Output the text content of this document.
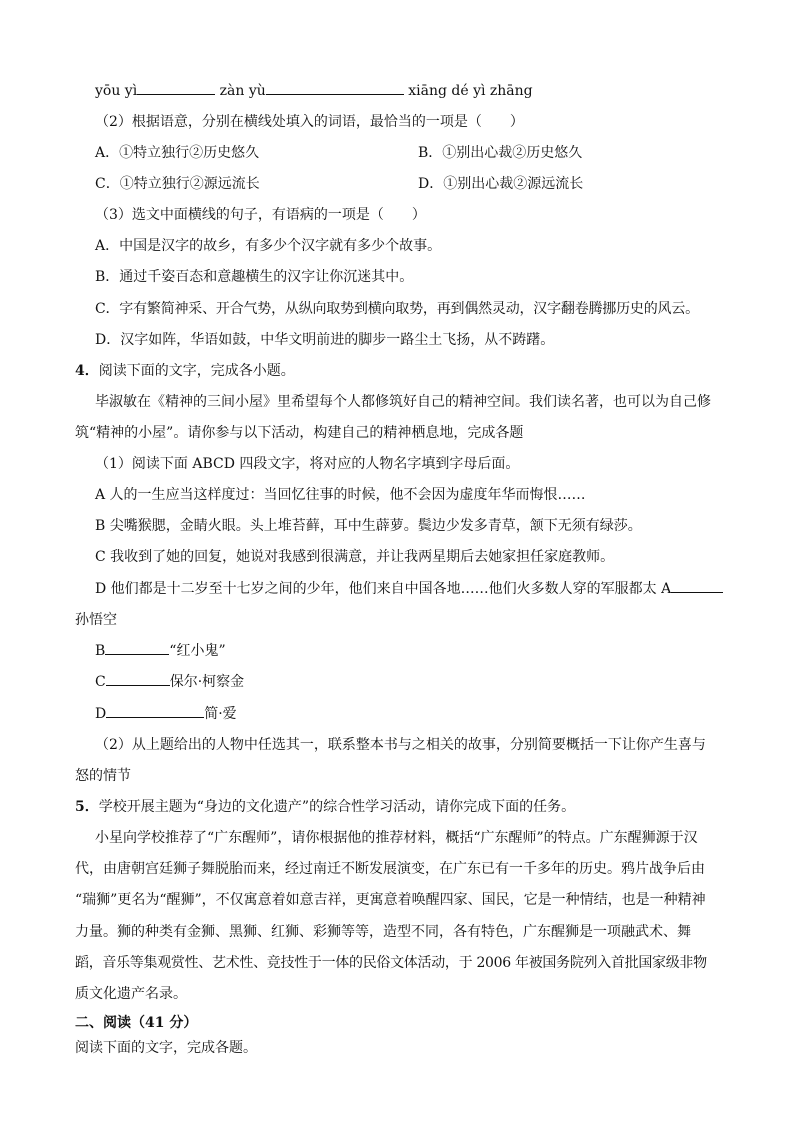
yōu yì	zàn yù	xiāng dé yì zhāng
（2）根据语意，分别在横线处填入的词语，最恰当的一项是（　　）
A．①特立独行②历史悠久	B．①别出心裁②历史悠久
C．①特立独行②源远流长	D．①别出心裁②源远流长
（3）选文中面横线的句子，有语病的一项是（　　）
A．中国是汉字的故乡，有多少个汉字就有多少个故事。
B．通过千姿百态和意趣横生的汉字让你沉迷其中。
C．字有繁简神采、开合气势，从纵向取势到横向取势，再到偶然灵动，汉字翻卷腾挪历史的风云。
D．汉字如阵，华语如鼓，中华文明前进的脚步一路尘土飞扬，从不踌躇。
4．阅读下面的文字，完成各小题。
毕淑敏在《精神的三间小屋》里希望每个人都修筑好自己的精神空间。我们读名著，也可以为自己修
筑“精神的小屋”。请你参与以下活动，构建自己的精神栖息地，完成各题
（1）阅读下面 ABCD 四段文字，将对应的人物名字填到字母后面。
A 人的一生应当这样度过：当回忆往事的时候，他不会因为虚度年华而悔恨……
B 尖嘴猴腮，金睛火眼。头上堆苔藓，耳中生薜萝。鬓边少发多青草，颔下无须有绿莎。
C 我收到了她的回复，她说对我感到很满意，并让我两星期后去她家担任家庭教师。
D 他们都是十二岁至十七岁之间的少年，他们来自中国各地……他们火多数人穿的军服都太 A
孙悟空
B	“红小鬼”
C	保尔·柯察金
D	简·爱
（2）从上题给出的人物中任选其一，联系整本书与之相关的故事，分别简要概括一下让你产生喜与
怒的情节
5．学校开展主题为“身边的文化遗产”的综合性学习活动，请你完成下面的任务。
小星向学校推荐了“广东醒师”，请你根据他的推荐材料，概括“广东醒师”的特点。广东醒狮源于汉
代，由唐朝宫廷狮子舞脱胎而来，经过南迁不断发展演变，在广东已有一千多年的历史。鸦片战争后由
“瑞狮”更名为“醒狮”，不仅寓意着如意吉祥，更寓意着唤醒四家、国民，它是一种情结，也是一种精神
力量。狮的种类有金狮、黑狮、红狮、彩狮等等，造型不同，各有特色，广东醒狮是一项融武术、舞
蹈，音乐等集观赏性、艺术性、竞技性于一体的民俗文体活动，于 2006 年被国务院列入首批国家级非物
质文化遗产名录。
二、阅读（41 分）
阅读下面的文字，完成各题。
